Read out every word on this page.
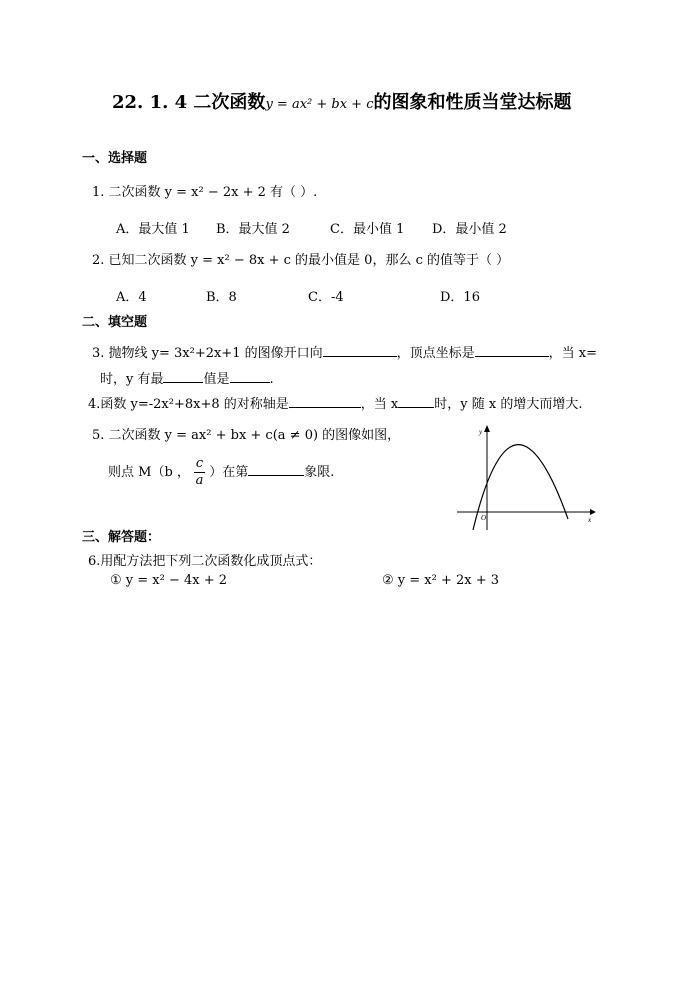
22. 1. 4 二次函数y = ax² + bx + c的图象和性质当堂达标题
一、选择题
1. 二次函数 y = x² − 2x + 2 有（ ）.
A．最大值 1 B．最大值 2	C．最小值 1 D．最小值 2
2. 已知二次函数 y = x² − 8x + c 的最小值是 0，那么 c 的值等于（ ）
A．4	B．8	C．-4	D．16
二、填空题
3. 抛物线 y= 3x²+2x+1 的图像开口向	，顶点坐标是	，当 x=
时，y 有最	值是	.
4.函数 y=-2x²+8x+8 的对称轴是	，当 x	时，y 随 x 的增大而增大.
5. 二次函数 y = ax² + bx + c(a ≠ 0) 的图像如图，
则点 M（b ， $\frac{c}{a}$ ）在第	象限.
y
x
O
三、解答题：
6.用配方法把下列二次函数化成顶点式：
① y = x² − 4x + 2	② y = x² + 2x + 3
